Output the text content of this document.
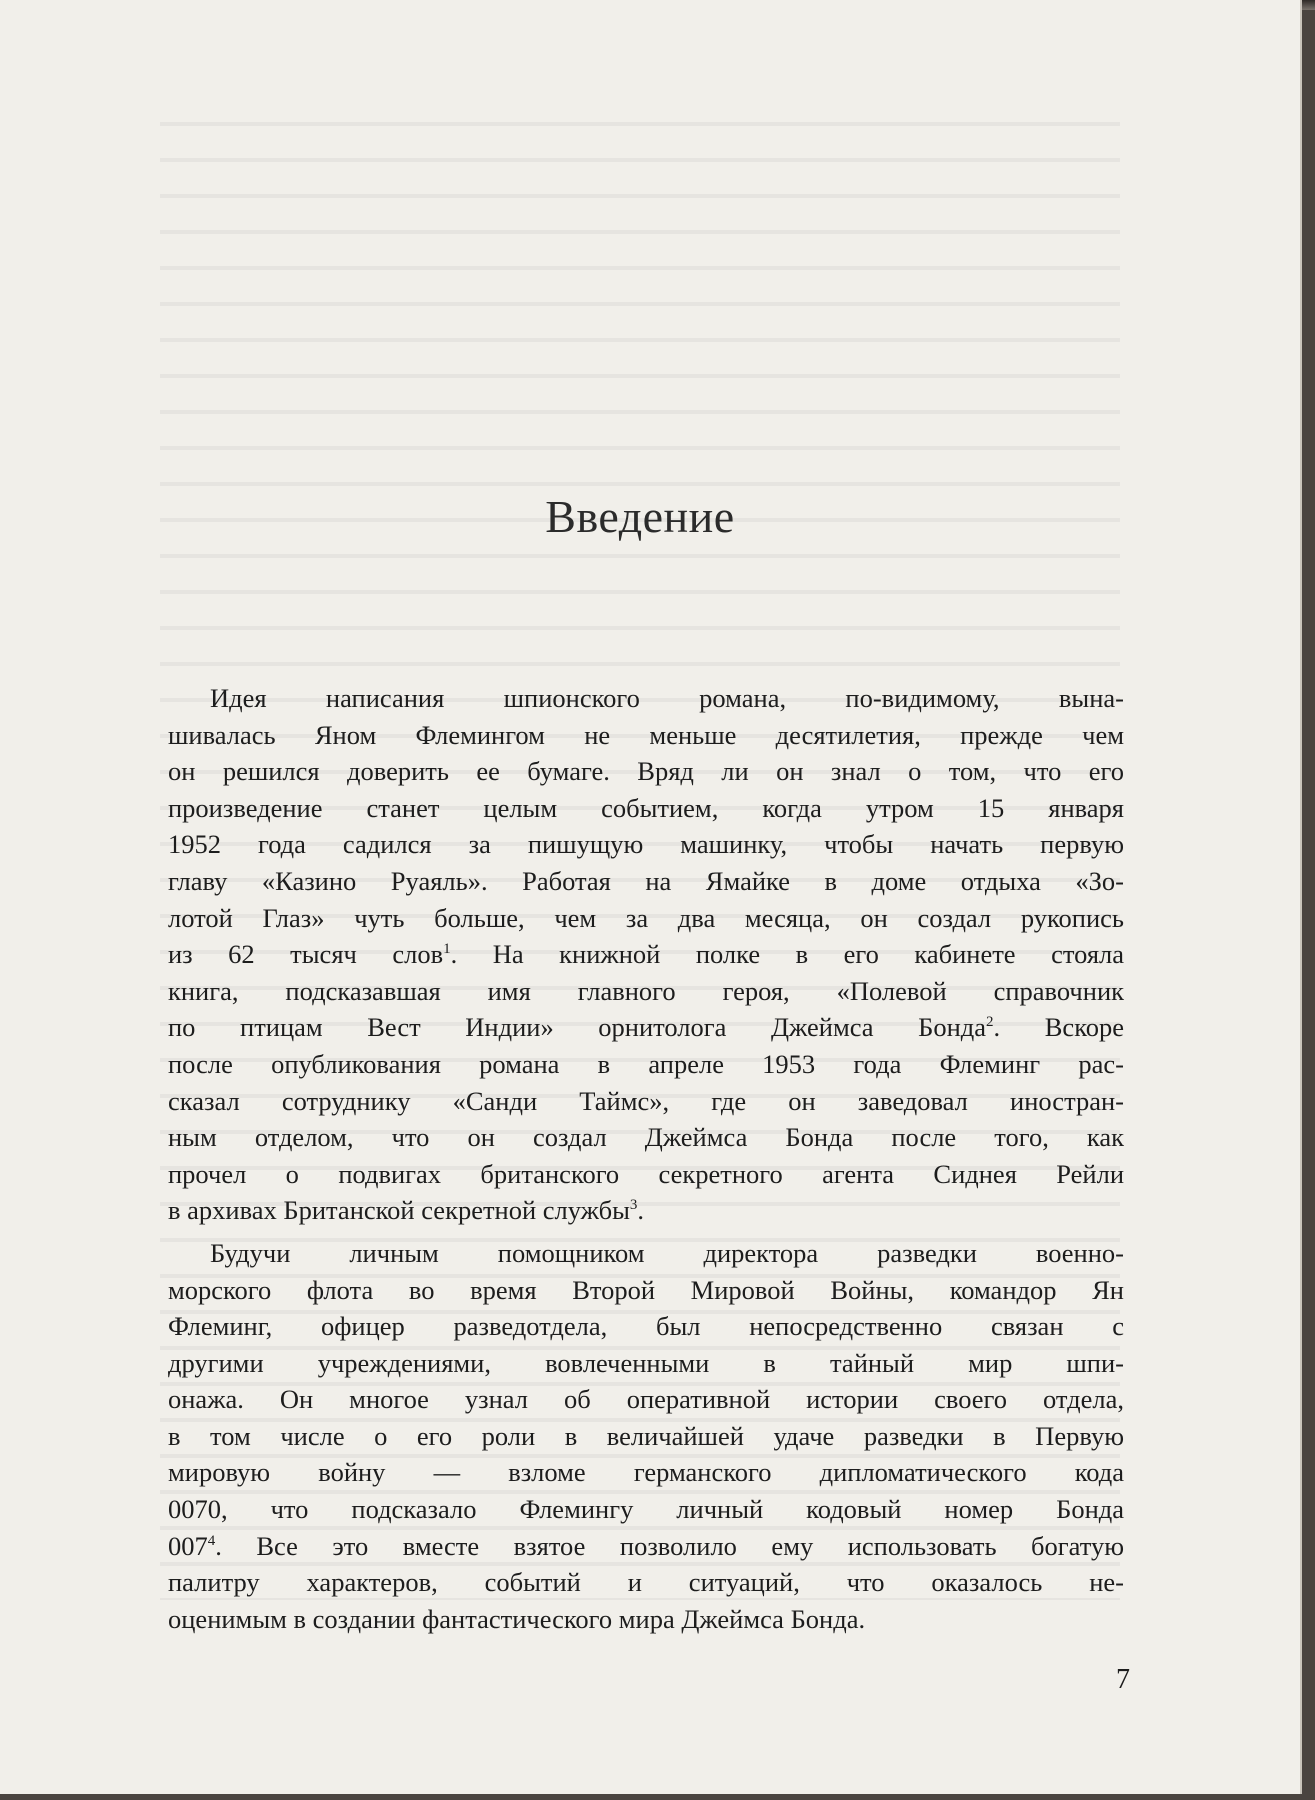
Введение
Идея написания шпионского романа, по-видимому, вына-
шивалась Яном Флемингом не меньше десятилетия, прежде чем
он решился доверить ее бумаге. Вряд ли он знал о том, что его
произведение станет целым событием, когда утром 15 января
1952 года садился за пишущую машинку, чтобы начать первую
главу «Казино Руаяль». Работая на Ямайке в доме отдыха «Зо-
лотой Глаз» чуть больше, чем за два месяца, он создал рукопись
из 62 тысяч слов$^1$. На книжной полке в его кабинете стояла
книга, подсказавшая имя главного героя, «Полевой справочник
по птицам Вест Индии» орнитолога Джеймса Бонда$^2$. Вскоре
после опубликования романа в апреле 1953 года Флеминг рас-
сказал сотруднику «Санди Таймс», где он заведовал иностран-
ным отделом, что он создал Джеймса Бонда после того, как
прочел о подвигах британского секретного агента Сиднея Рейли
в архивах Британской секретной службы$^3$.
Будучи личным помощником директора разведки военно-
морского флота во время Второй Мировой Войны, командор Ян
Флеминг, офицер разведотдела, был непосредственно связан с
другими учреждениями, вовлеченными в тайный мир шпи-
онажа. Он многое узнал об оперативной истории своего отдела,
в том числе о его роли в величайшей удаче разведки в Первую
мировую войну — взломе германского дипломатического кода
0070, что подсказало Флемингу личный кодовый номер Бонда
$007^4$. Все это вместе взятое позволило ему использовать богатую
палитру характеров, событий и ситуаций, что оказалось не-
оценимым в создании фантастического мира Джеймса Бонда.
7
